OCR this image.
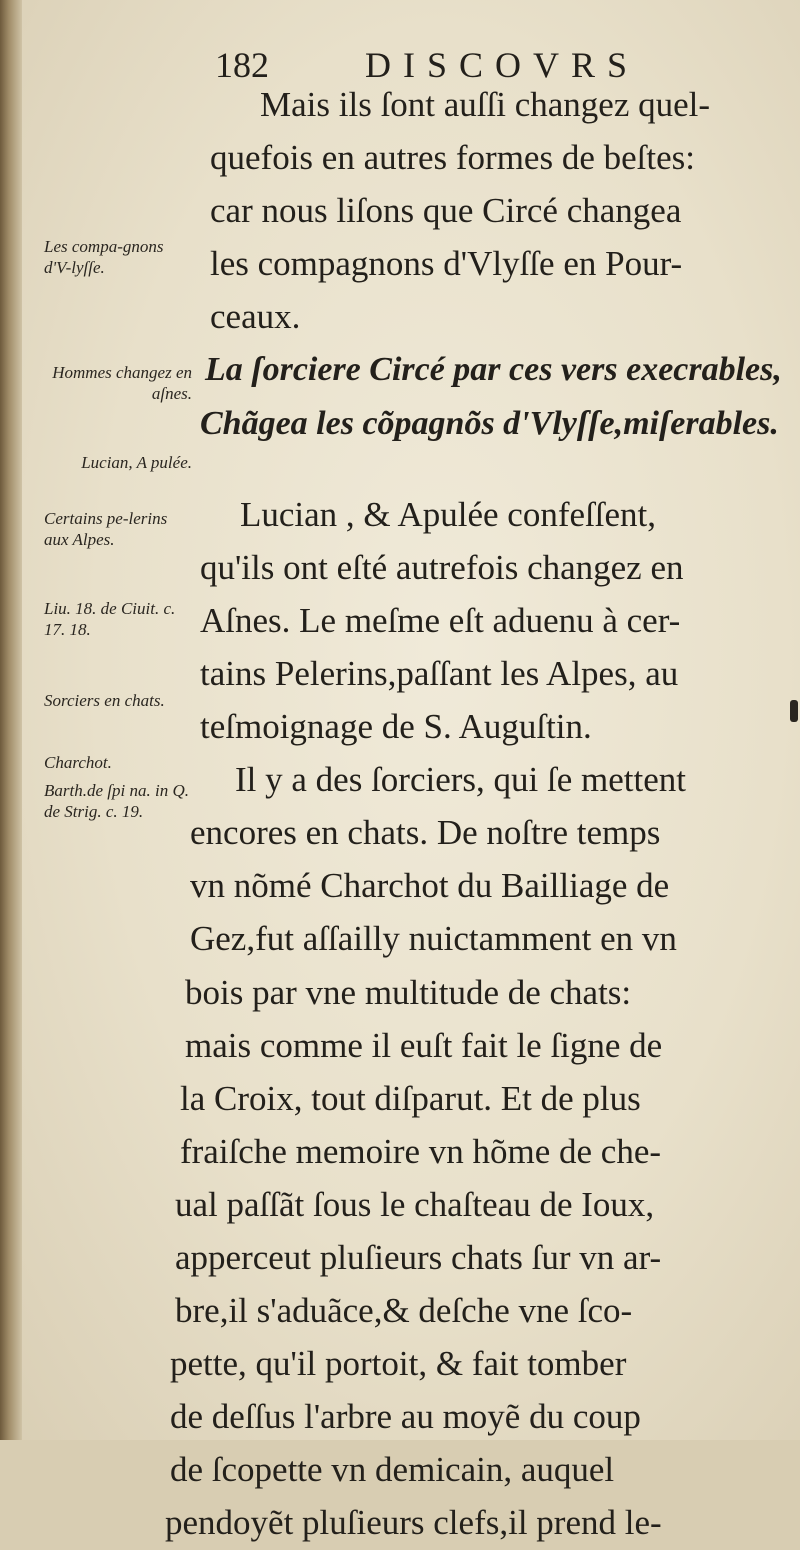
182	DISCOVRS
Mais ils ſont auſſi changez quel-
quefois en autres formes de beſtes:
car nous liſons que Circé changea
les compagnons d'Vlyſſe en Pour-
ceaux.
La ſorciere Circé par ces vers execrables,
Chãgea les cõpagnõs d'Vlyſſe,miſerables.
Lucian , & Apulée confeſſent,
qu'ils ont eſté autrefois changez en
Aſnes. Le meſme eſt aduenu à cer-
tains Pelerins,paſſant les Alpes, au
teſmoignage de S. Auguſtin.
Il y a des ſorciers, qui ſe mettent
encores en chats. De noſtre temps
vn nõmé Charchot du Bailliage de
Gez,fut aſſailly nuictamment en vn
bois par vne multitude de chats:
mais comme il euſt fait le ſigne de
la Croix, tout diſparut. Et de plus
fraiſche memoire vn hõme de che-
ual paſſãt ſous le chaſteau de Ioux,
apperceut pluſieurs chats ſur vn ar-
bre,il s'aduãce,& deſche vne ſco-
pette, qu'il portoit, & fait tomber
de deſſus l'arbre au moyẽ du coup
de ſcopette vn demicain, auquel
pendoyẽt pluſieurs clefs,il prend le-
Les compa-gnons d'V-lyſſe.
Hommes changez en aſnes.
Lucian, A pulée.
Certains pe-lerins aux Alpes.
Liu. 18. de Ciuit. c. 17. 18.
Sorciers en chats.
Charchot.
Barth.de ſpi na. in Q. de Strig. c. 19.
